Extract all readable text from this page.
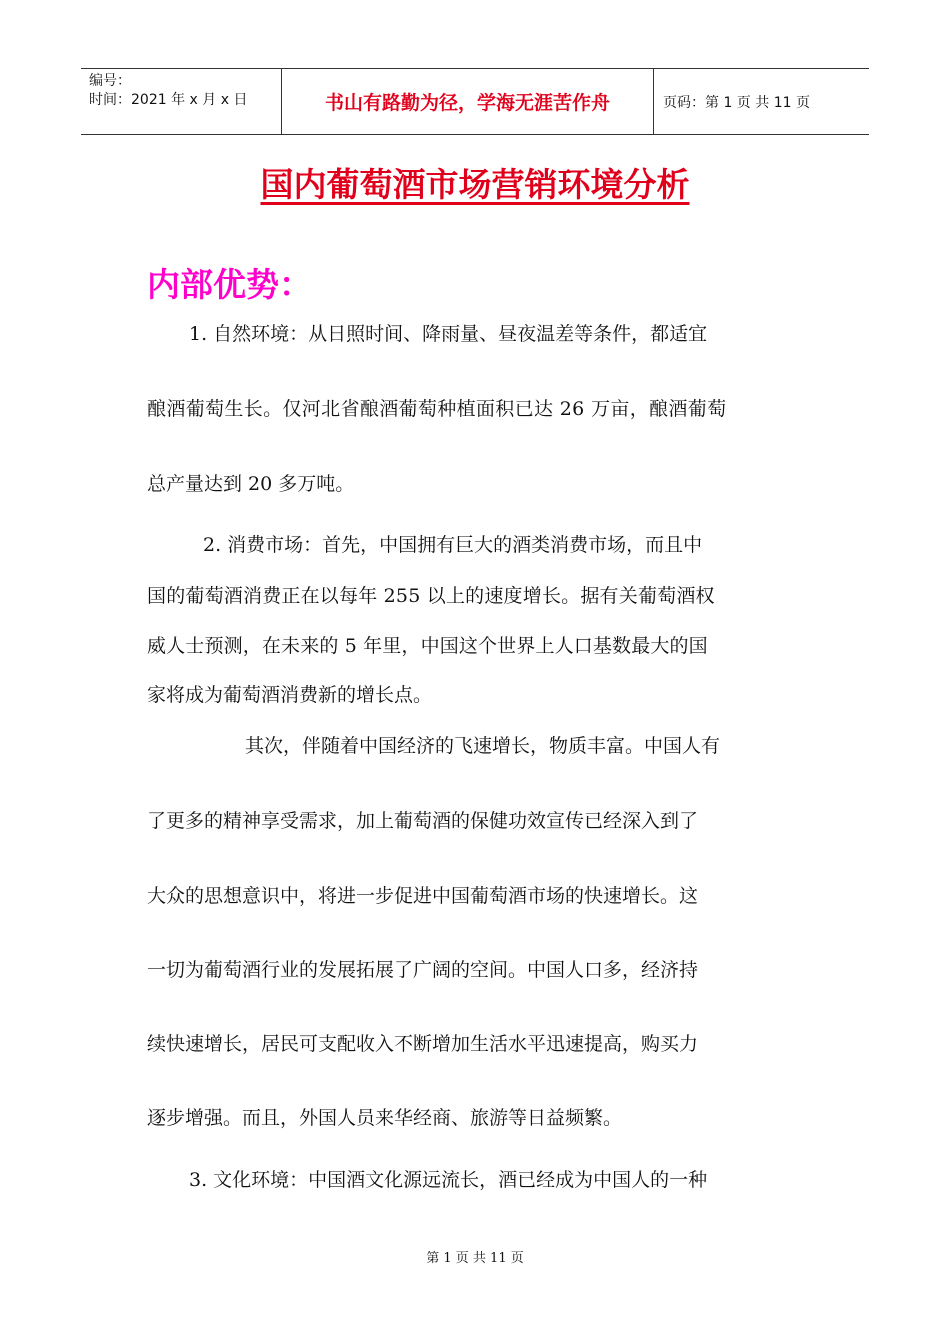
编号：
时间：2021 年 x 月 x 日	书山有路勤为径，学海无涯苦作舟	页码：第 1 页 共 11 页
国内葡萄酒市场营销环境分析
内部优势：

1. 自然环境：从日照时间、降雨量、昼夜温差等条件，都适宜

酿酒葡萄生长。仅河北省酿酒葡萄种植面积已达 26 万亩，酿酒葡萄

总产量达到 20 多万吨。

2. 消费市场：首先，中国拥有巨大的酒类消费市场，而且中

国的葡萄酒消费正在以每年 255 以上的速度增长。据有关葡萄酒权

威人士预测，在未来的 5 年里，中国这个世界上人口基数最大的国

家将成为葡萄酒消费新的增长点。

其次，伴随着中国经济的飞速增长，物质丰富。中国人有

了更多的精神享受需求，加上葡萄酒的保健功效宣传已经深入到了

大众的思想意识中，将进一步促进中国葡萄酒市场的快速增长。这

一切为葡萄酒行业的发展拓展了广阔的空间。中国人口多，经济持

续快速增长，居民可支配收入不断增加生活水平迅速提高，购买力

逐步增强。而且，外国人员来华经商、旅游等日益频繁。

3. 文化环境：中国酒文化源远流长，酒已经成为中国人的一种

第 1 页 共 11 页
